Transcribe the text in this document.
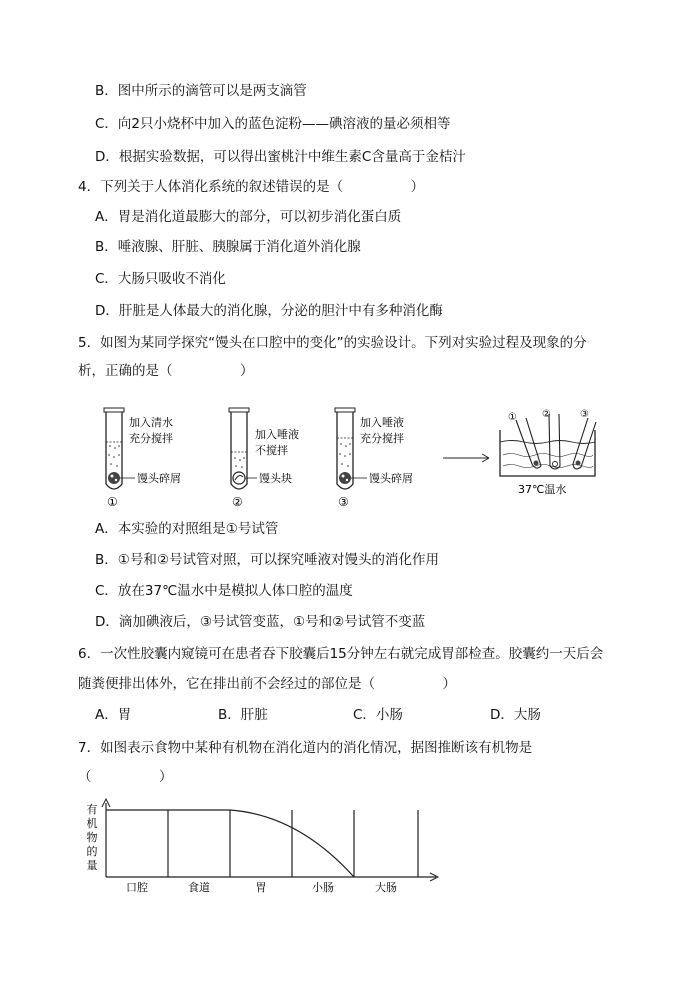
B．图中所示的滴管可以是两支滴管
C．向2只小烧杯中加入的蓝色淀粉——碘溶液的量必须相等
D．根据实验数据，可以得出蜜桃汁中维生素C含量高于金桔汁
4．下列关于人体消化系统的叙述错误的是（　　　　　）
A．胃是消化道最膨大的部分，可以初步消化蛋白质
B．唾液腺、肝脏、胰腺属于消化道外消化腺
C．大肠只吸收不消化
D．肝脏是人体最大的消化腺，分泌的胆汁中有多种消化酶
5．如图为某同学探究“馒头在口腔中的变化”的实验设计。下列对实验过程及现象的分
析，正确的是（　　　　　）
加入清水
充分搅拌
馒头碎屑
①
加入唾液
不搅拌
馒头块
②
加入唾液
充分搅拌
馒头碎屑
③
①	②	③
37℃温水
A．本实验的对照组是①号试管
B．①号和②号试管对照，可以探究唾液对馒头的消化作用
C．放在37℃温水中是模拟人体口腔的温度
D．滴加碘液后，③号试管变蓝，①号和②号试管不变蓝
6．一次性胶囊内窥镜可在患者吞下胶囊后15分钟左右就完成胃部检查。胶囊约一天后会
随粪便排出体外，它在排出前不会经过的部位是（　　　　　）
A．胃	B．肝脏	C．小肠	D．大肠
7．如图表示食物中某种有机物在消化道内的消化情况，据图推断该有机物是
（　　　　　）
有
机
物
的
量
口腔	食道	胃	小肠	大肠
